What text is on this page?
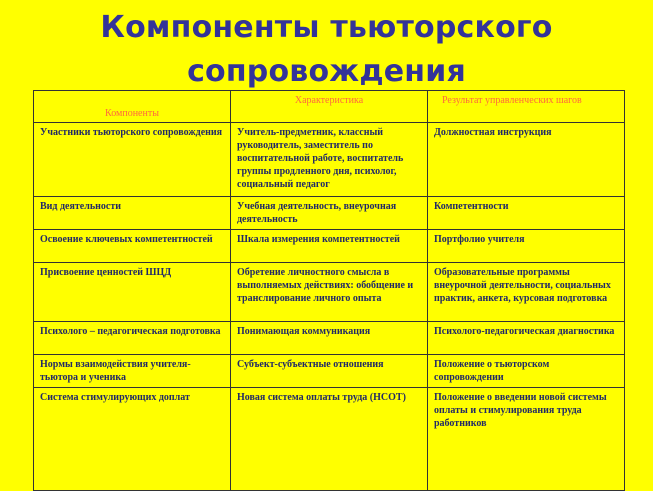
Компоненты тьюторского
сопровождения
Компоненты	Характеристика	Результат управленческих шагов
Участники тьюторского сопровождения	Учитель-предметник, классный руководитель, заместитель по воспитательной работе, воспитатель группы продленного дня, психолог, социальный педагог	Должностная инструкция
Вид деятельности	Учебная деятельность, внеурочная деятельность	Компетентности
Освоение ключевых компетентностей	Шкала измерения компетентностей	Портфолио учителя
Присвоение ценностей ШЦД	Обретение личностного смысла в выполняемых действиях: обобщение и транслирование личного опыта	Образовательные программы внеурочной деятельности, социальных практик, анкета, курсовая подготовка
Психолого – педагогическая подготовка	Понимающая коммуникация	Психолого-педагогическая диагностика
Нормы взаимодействия учителя-тьютора и ученика	Субъект-субъектные отношения	Положение о тьюторском сопровождении
Система стимулирующих доплат	Новая система оплаты труда (НСОТ)	Положение о введении новой системы оплаты и стимулирования труда работников
